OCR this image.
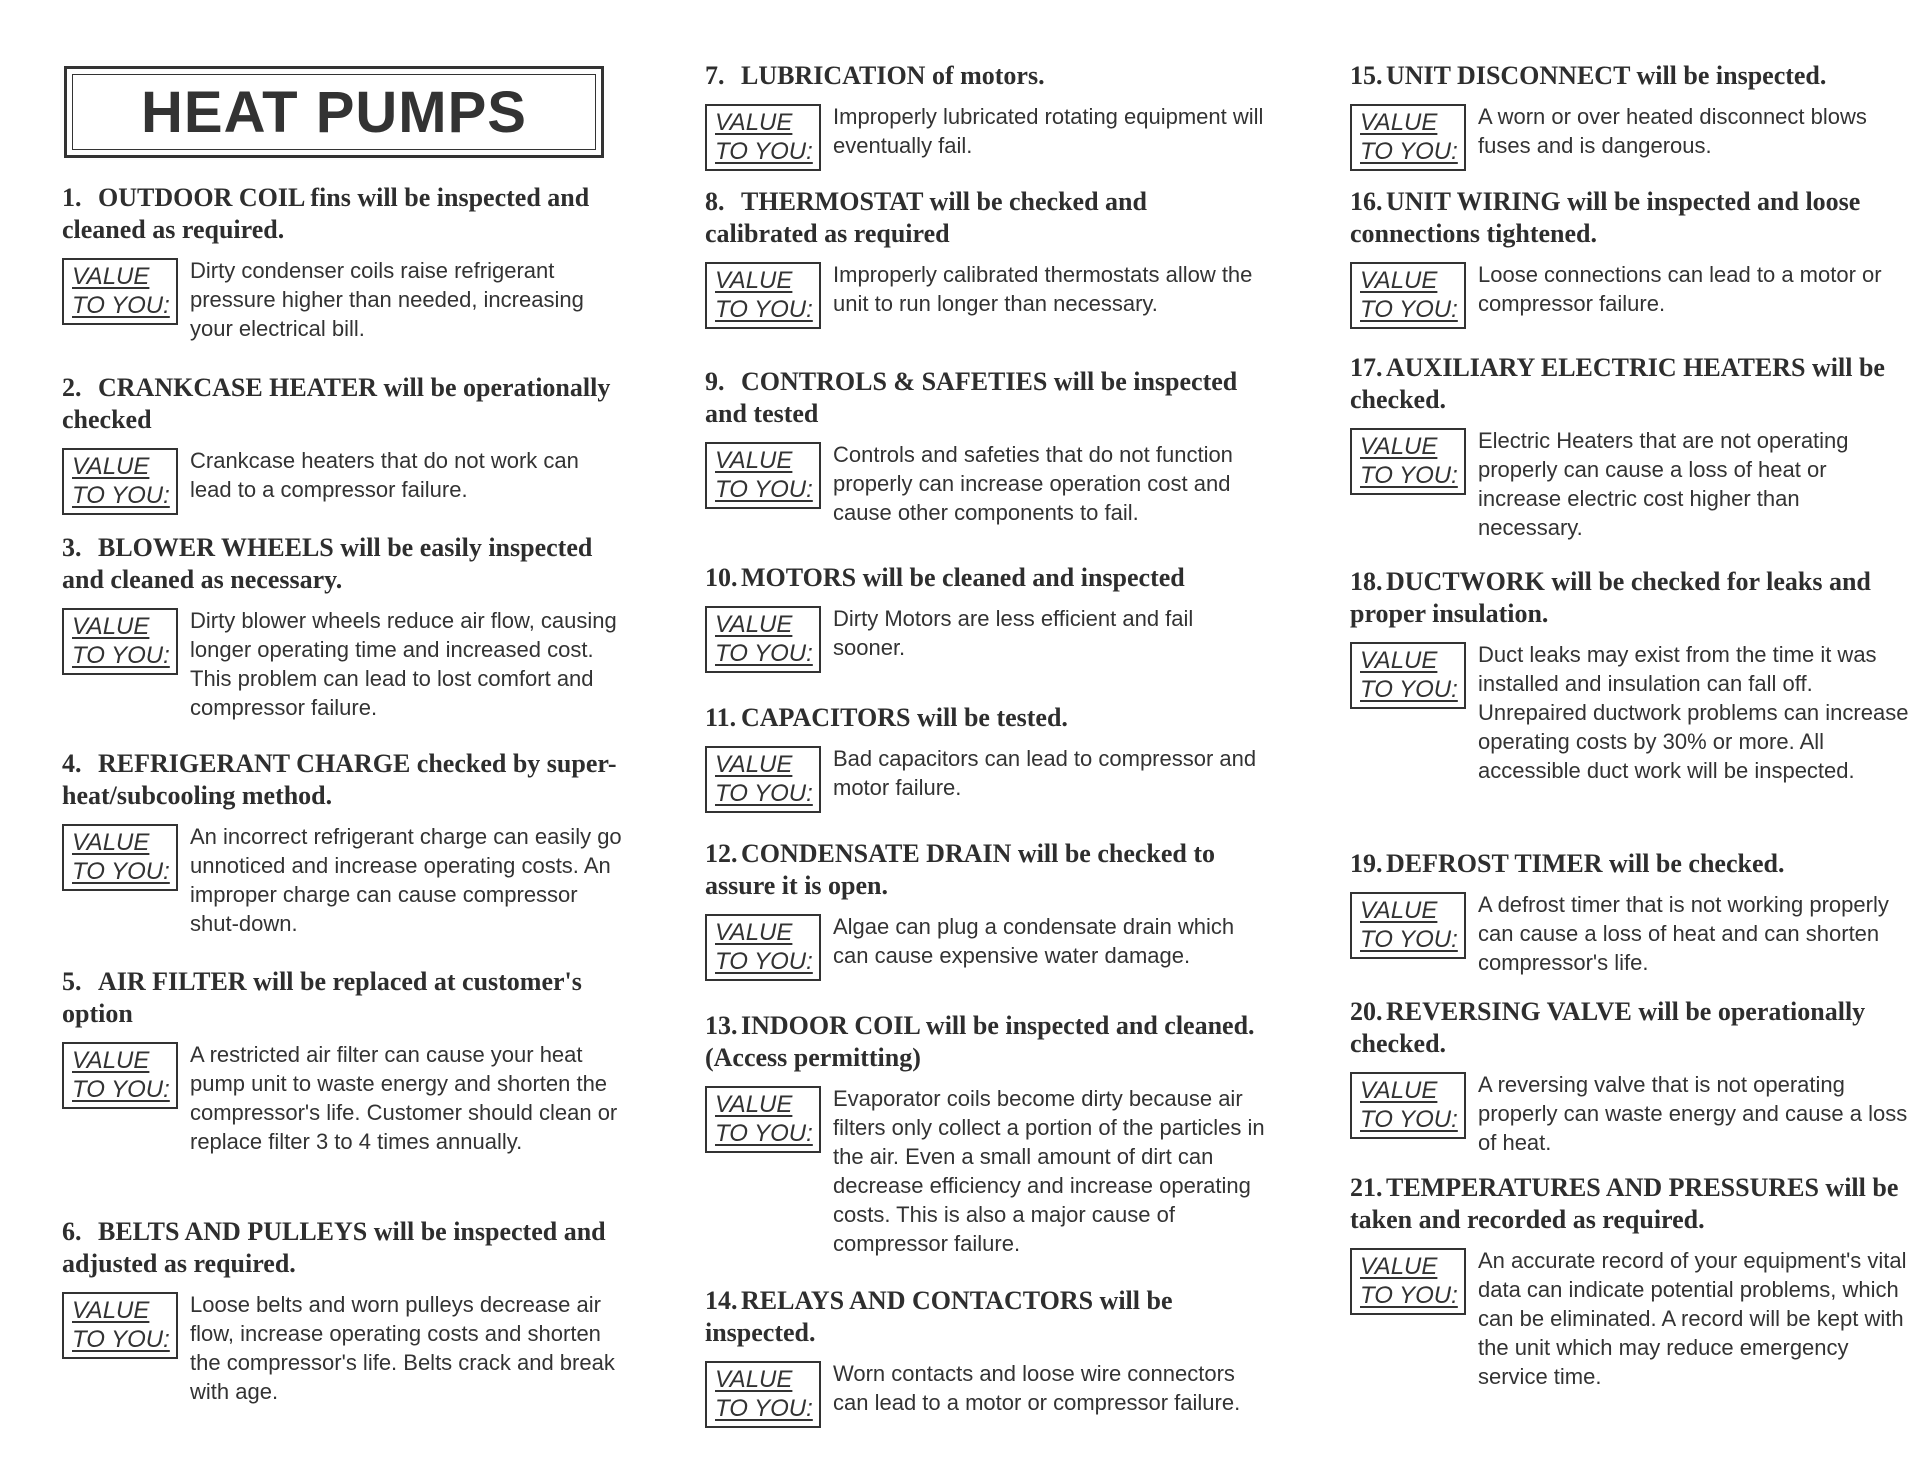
HEAT PUMPS
1. OUTDOOR COIL fins will be inspected and cleaned as required.
VALUE
TO YOU:

Dirty condenser coils raise refrigerant pressure higher than needed, increasing your electrical bill.

2. CRANKCASE HEATER will be operationally checked
VALUE
TO YOU:

Crankcase heaters that do not work can lead to a compressor failure.

3. BLOWER WHEELS will be easily inspected and cleaned as necessary.
VALUE
TO YOU:

Dirty blower wheels reduce air flow, causing longer operating time and increased cost. This problem can lead to lost comfort and compressor failure.

4. REFRIGERANT CHARGE checked by super-heat/subcooling method.
VALUE
TO YOU:

An incorrect refrigerant charge can easily go unnoticed and increase operating costs. An improper charge can cause compressor shut-down.

5. AIR FILTER will be replaced at customer's option
VALUE
TO YOU:

A restricted air filter can cause your heat pump unit to waste energy and shorten the compressor's life. Customer should clean or replace filter 3 to 4 times annually.

6. BELTS AND PULLEYS will be inspected and adjusted as required.
VALUE
TO YOU:

Loose belts and worn pulleys decrease air flow, increase operating costs and shorten the compressor's life. Belts crack and break with age.

7. LUBRICATION of motors.
VALUE
TO YOU:

Improperly lubricated rotating equipment will eventually fail.

8. THERMOSTAT will be checked and calibrated as required
VALUE
TO YOU:

Improperly calibrated thermostats allow the unit to run longer than necessary.

9. CONTROLS & SAFETIES will be inspected and tested
VALUE
TO YOU:

Controls and safeties that do not function properly can increase operation cost and cause other components to fail.

10. MOTORS will be cleaned and inspected
VALUE
TO YOU:

Dirty Motors are less efficient and fail sooner.

11. CAPACITORS will be tested.
VALUE
TO YOU:

Bad capacitors can lead to compressor and motor failure.

12. CONDENSATE DRAIN will be checked to assure it is open.
VALUE
TO YOU:

Algae can plug a condensate drain which can cause expensive water damage.

13. INDOOR COIL will be inspected and cleaned. (Access permitting)
VALUE
TO YOU:

Evaporator coils become dirty because air filters only collect a portion of the particles in the air. Even a small amount of dirt can decrease efficiency and increase operating costs. This is also a major cause of compressor failure.

14. RELAYS AND CONTACTORS will be inspected.
VALUE
TO YOU:

Worn contacts and loose wire connectors can lead to a motor or compressor failure.

15. UNIT DISCONNECT will be inspected.
VALUE
TO YOU:

A worn or over heated disconnect blows fuses and is dangerous.

16. UNIT WIRING will be inspected and loose connections tightened.
VALUE
TO YOU:

Loose connections can lead to a motor or compressor failure.

17. AUXILIARY ELECTRIC HEATERS will be checked.
VALUE
TO YOU:

Electric Heaters that are not operating properly can cause a loss of heat or increase electric cost higher than necessary.

18. DUCTWORK will be checked for leaks and proper insulation.
VALUE
TO YOU:

Duct leaks may exist from the time it was installed and insulation can fall off. Unrepaired ductwork problems can increase operating costs by 30% or more. All accessible duct work will be inspected.

19. DEFROST TIMER will be checked.
VALUE
TO YOU:

A defrost timer that is not working properly can cause a loss of heat and can shorten compressor's life.

20. REVERSING VALVE will be operationally checked.
VALUE
TO YOU:

A reversing valve that is not operating properly can waste energy and cause a loss of heat.

21. TEMPERATURES AND PRESSURES will be taken and recorded as required.
VALUE
TO YOU:

An accurate record of your equipment's vital data can indicate potential problems, which can be eliminated. A record will be kept with the unit which may reduce emergency service time.
